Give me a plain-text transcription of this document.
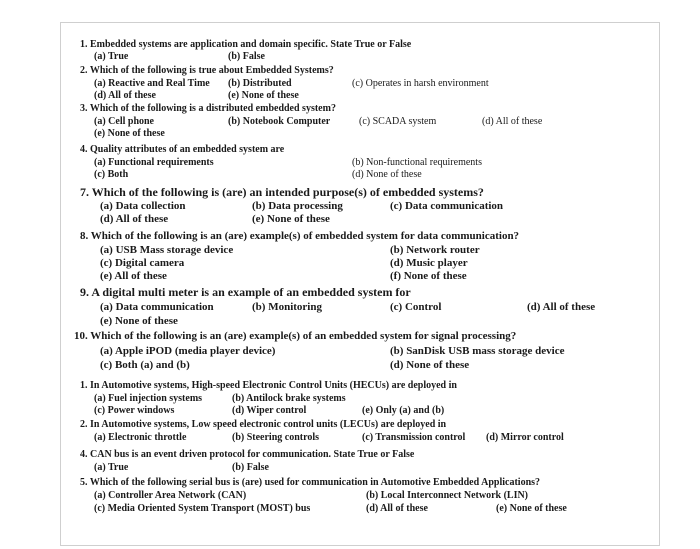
1. Embedded systems are application and domain specific. State True or False
(a) True	(b) False
2. Which of the following is true about Embedded Systems?
(a) Reactive and Real Time (b) Distributed	(c) Operates in harsh environment
(d) All of these	(e) None of these
3. Which of the following is a distributed embedded system?
(a) Cell phone	(b) Notebook Computer	(c) SCADA system	(d) All of these
(e) None of these
4. Quality attributes of an embedded system are
(a) Functional requirements	(b) Non-functional requirements
(c) Both	(d) None of these
7. Which of the following is (are) an intended purpose(s) of embedded systems?
(a) Data collection	(b) Data processing	(c) Data communication
(d) All of these	(e) None of these
8. Which of the following is an (are) example(s) of embedded system for data communication?
(a) USB Mass storage device	(b) Network router
(c) Digital camera	(d) Music player
(e) All of these	(f) None of these
9. A digital multi meter is an example of an embedded system for
(a) Data communication	(b) Monitoring	(c) Control	(d) All of these
(e) None of these
10. Which of the following is an (are) example(s) of an embedded system for signal processing?
(a) Apple iPOD (media player device)	(b) SanDisk USB mass storage device
(c) Both (a) and (b)	(d) None of these
1. In Automotive systems, High-speed Electronic Control Units (HECUs) are deployed in
(a) Fuel injection systems	(b) Antilock brake systems
(c) Power windows	(d) Wiper control	(e) Only (a) and (b)
2. In Automotive systems, Low speed electronic control units (LECUs) are deployed in
(a) Electronic throttle	(b) Steering controls	(c) Transmission control (d) Mirror control
4. CAN bus is an event driven protocol for communication. State True or False
(a) True	(b) False
5. Which of the following serial bus is (are) used for communication in Automotive Embedded Applications?
(a) Controller Area Network (CAN)	(b) Local Interconnect Network (LIN)
(c) Media Oriented System Transport (MOST) bus	(d) All of these	(e) None of these
